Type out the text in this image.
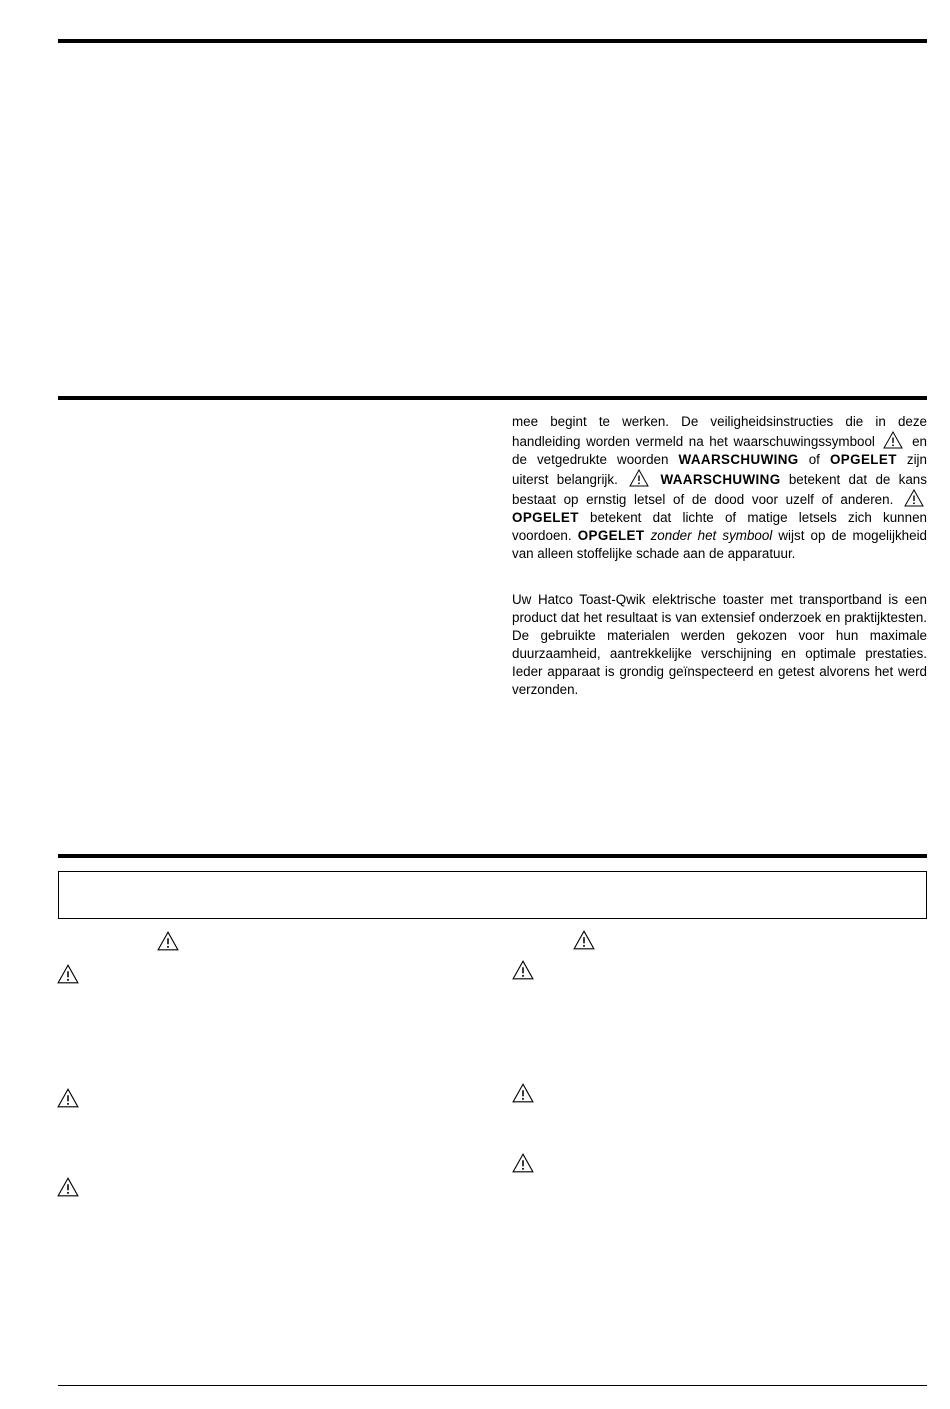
mee begint te werken. De veiligheidsinstructies die in deze handleiding worden vermeld na het waarschuwingssymbool	en de vetgedrukte woorden WAARSCHUWING of OPGELET zijn uiterst belangrijk.	WAARSCHUWING betekent dat de kans bestaat op ernstig letsel of de dood voor uzelf of anderen.
OPGELET betekent dat lichte of matige letsels zich kunnen voordoen. OPGELET zonder het symbool wijst op de mogelijkheid van alleen stoffelijke schade aan de apparatuur.
Uw Hatco Toast-Qwik elektrische toaster met transportband is een product dat het resultaat is van extensief onderzoek en praktijktesten. De gebruikte materialen werden gekozen voor hun maximale duurzaamheid, aantrekkelijke verschijning en optimale prestaties. Ieder apparaat is grondig geïnspecteerd en getest alvorens het werd verzonden.
